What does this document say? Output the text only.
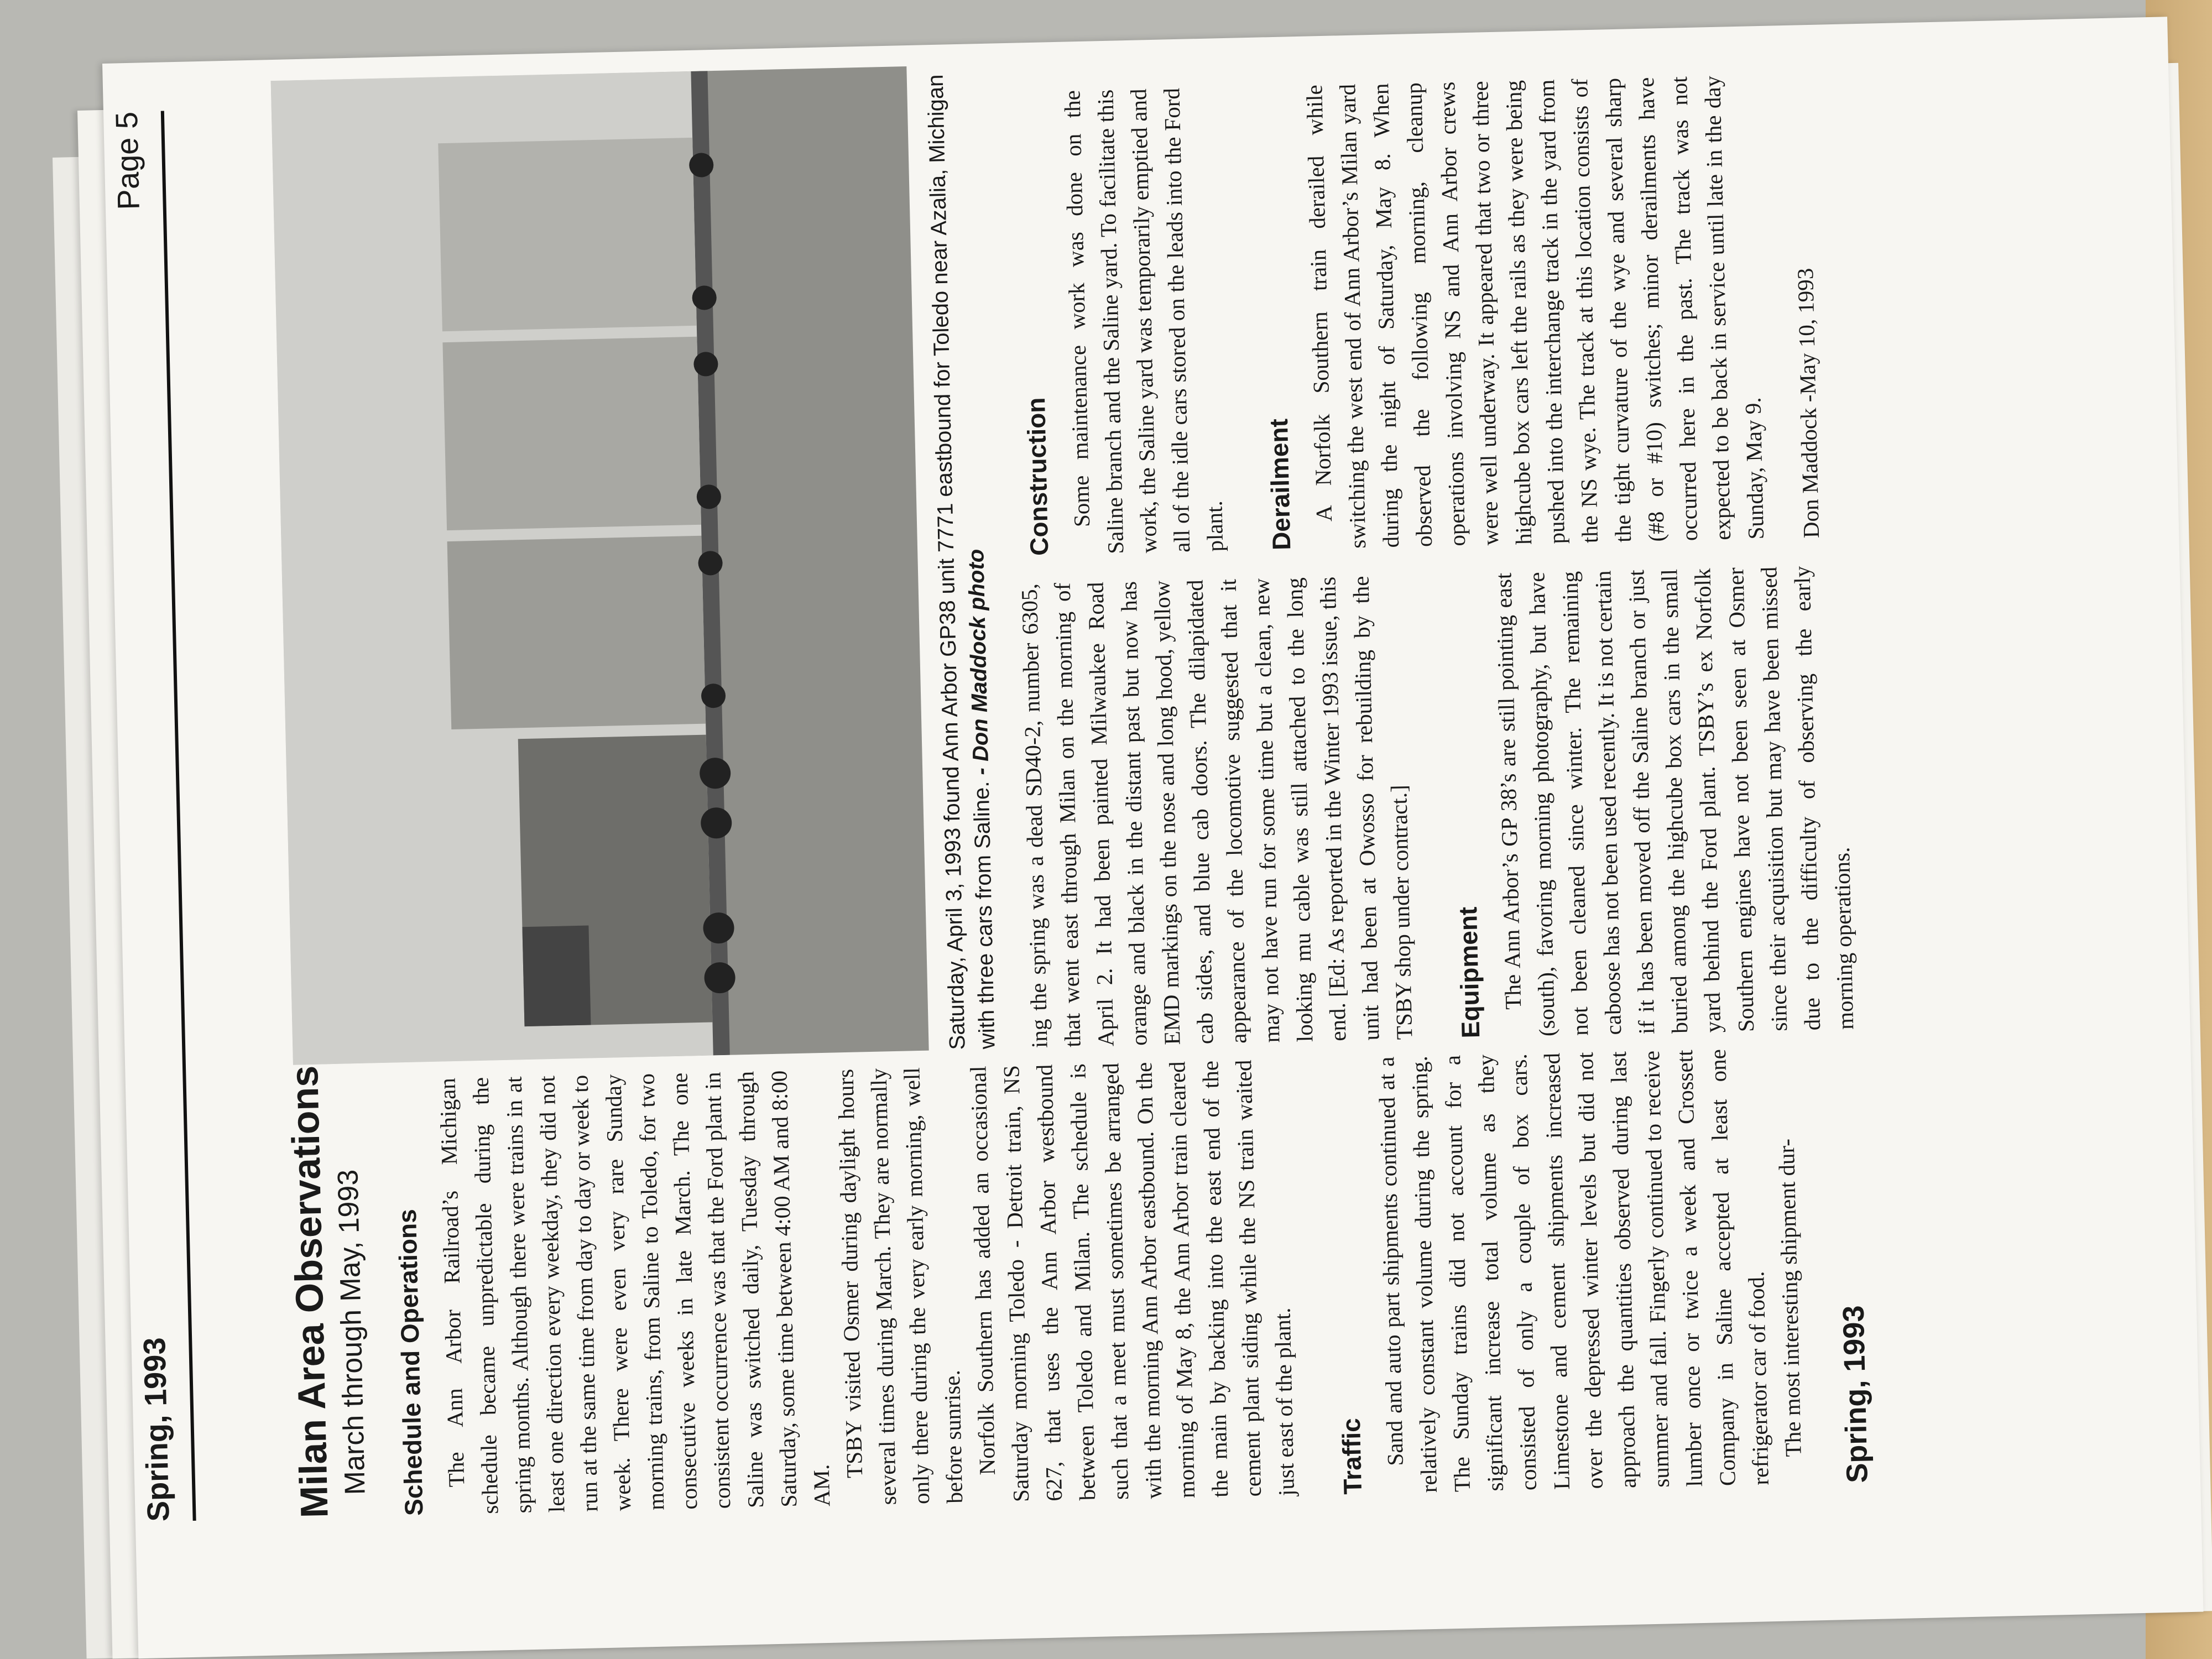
Spring, 1993
Page 5
Milan Area Observations
March through May, 1993 Schedule and Operations The Ann Arbor Railroad’s Michigan schedule became unpredictable during the spring months. Although there were trains in at least one direction every weekday, they did not run at the same time from day to day or week to week. There were even very rare Sunday morning trains, from Saline to Toledo, for two consecutive weeks in late March. The one consistent occurrence was that the Ford plant in Saline was switched daily, Tuesday through Saturday, some time between 4:00 AM and 8:00 AM.

TSBY visited Osmer during daylight hours several times during March. They are normally only there during the very early morning, well before sunrise.

Norfolk Southern has added an occasional Saturday morning Toledo - Detroit train, NS 627, that uses the Ann Arbor westbound between Toledo and Milan. The schedule is such that a meet must sometimes be arranged with the morning Ann Arbor eastbound. On the morning of May 8, the Ann Arbor train cleared the main by backing into the east end of the cement plant siding while the NS train waited just east of the plant.	Traffic Sand and auto part shipments continued at a relatively constant volume during the spring. The Sunday trains did not account for a significant increase total volume as they consisted of only a couple of box cars. Limestone and cement shipments increased over the depressed winter levels but did not approach the quantities observed during last summer and fall. Fingerly continued to receive lumber once or twice a week and Crossett Company in Saline accepted at least one refrigerator car of food. The most interesting shipment dur-

Saturday, April 3, 1993 found Ann Arbor GP38 unit 7771 eastbound for Toledo near Azalia, Michigan with three cars from Saline. - Don Maddock photo	ing the spring was a dead SD40-2, number 6305, that went east through Milan on the morning of April 2. It had been painted Milwaukee Road orange and black in the distant past but now has EMD markings on the nose and long hood, yellow cab sides, and blue cab doors. The dilapidated appearance of the locomotive suggested that it may not have run for some time but a clean, new looking mu cable was still attached to the long end. [Ed: As reported in the Winter 1993 issue, this unit had been at Owosso for rebuilding by the TSBY shop under contract.]	Equipment The Ann Arbor’s GP 38’s are still pointing east (south), favoring morning photography, but have not been cleaned since winter. The remaining caboose has not been used recently. It is not certain if it has been moved off the Saline branch or just buried among the highcube box cars in the small yard behind the Ford plant. TSBY’s ex Norfolk Southern engines have not been seen at Osmer since their acquisition but may have been missed due to the difficulty of observing the early morning operations.

Construction Some maintenance work was done on the Saline branch and the Saline yard. To facilitate this work, the Saline yard was temporarily emptied and all of the idle cars stored on the leads into the Ford plant.	Derailment A Norfolk Southern train derailed while switching the west end of Ann Arbor’s Milan yard during the night of Saturday, May 8. When observed the following morning, cleanup operations involving NS and Ann Arbor crews were well underway. It appeared that two or three highcube box cars left the rails as they were being pushed into the interchange track in the yard from the NS wye. The track at this location consists of the tight curvature of the wye and several sharp (#8 or #10) switches; minor derailments have occurred here in the past. The track was not expected to be back in service until late in the day Sunday, May 9.	Don Maddock -May 10, 1993

Spring, 1993
